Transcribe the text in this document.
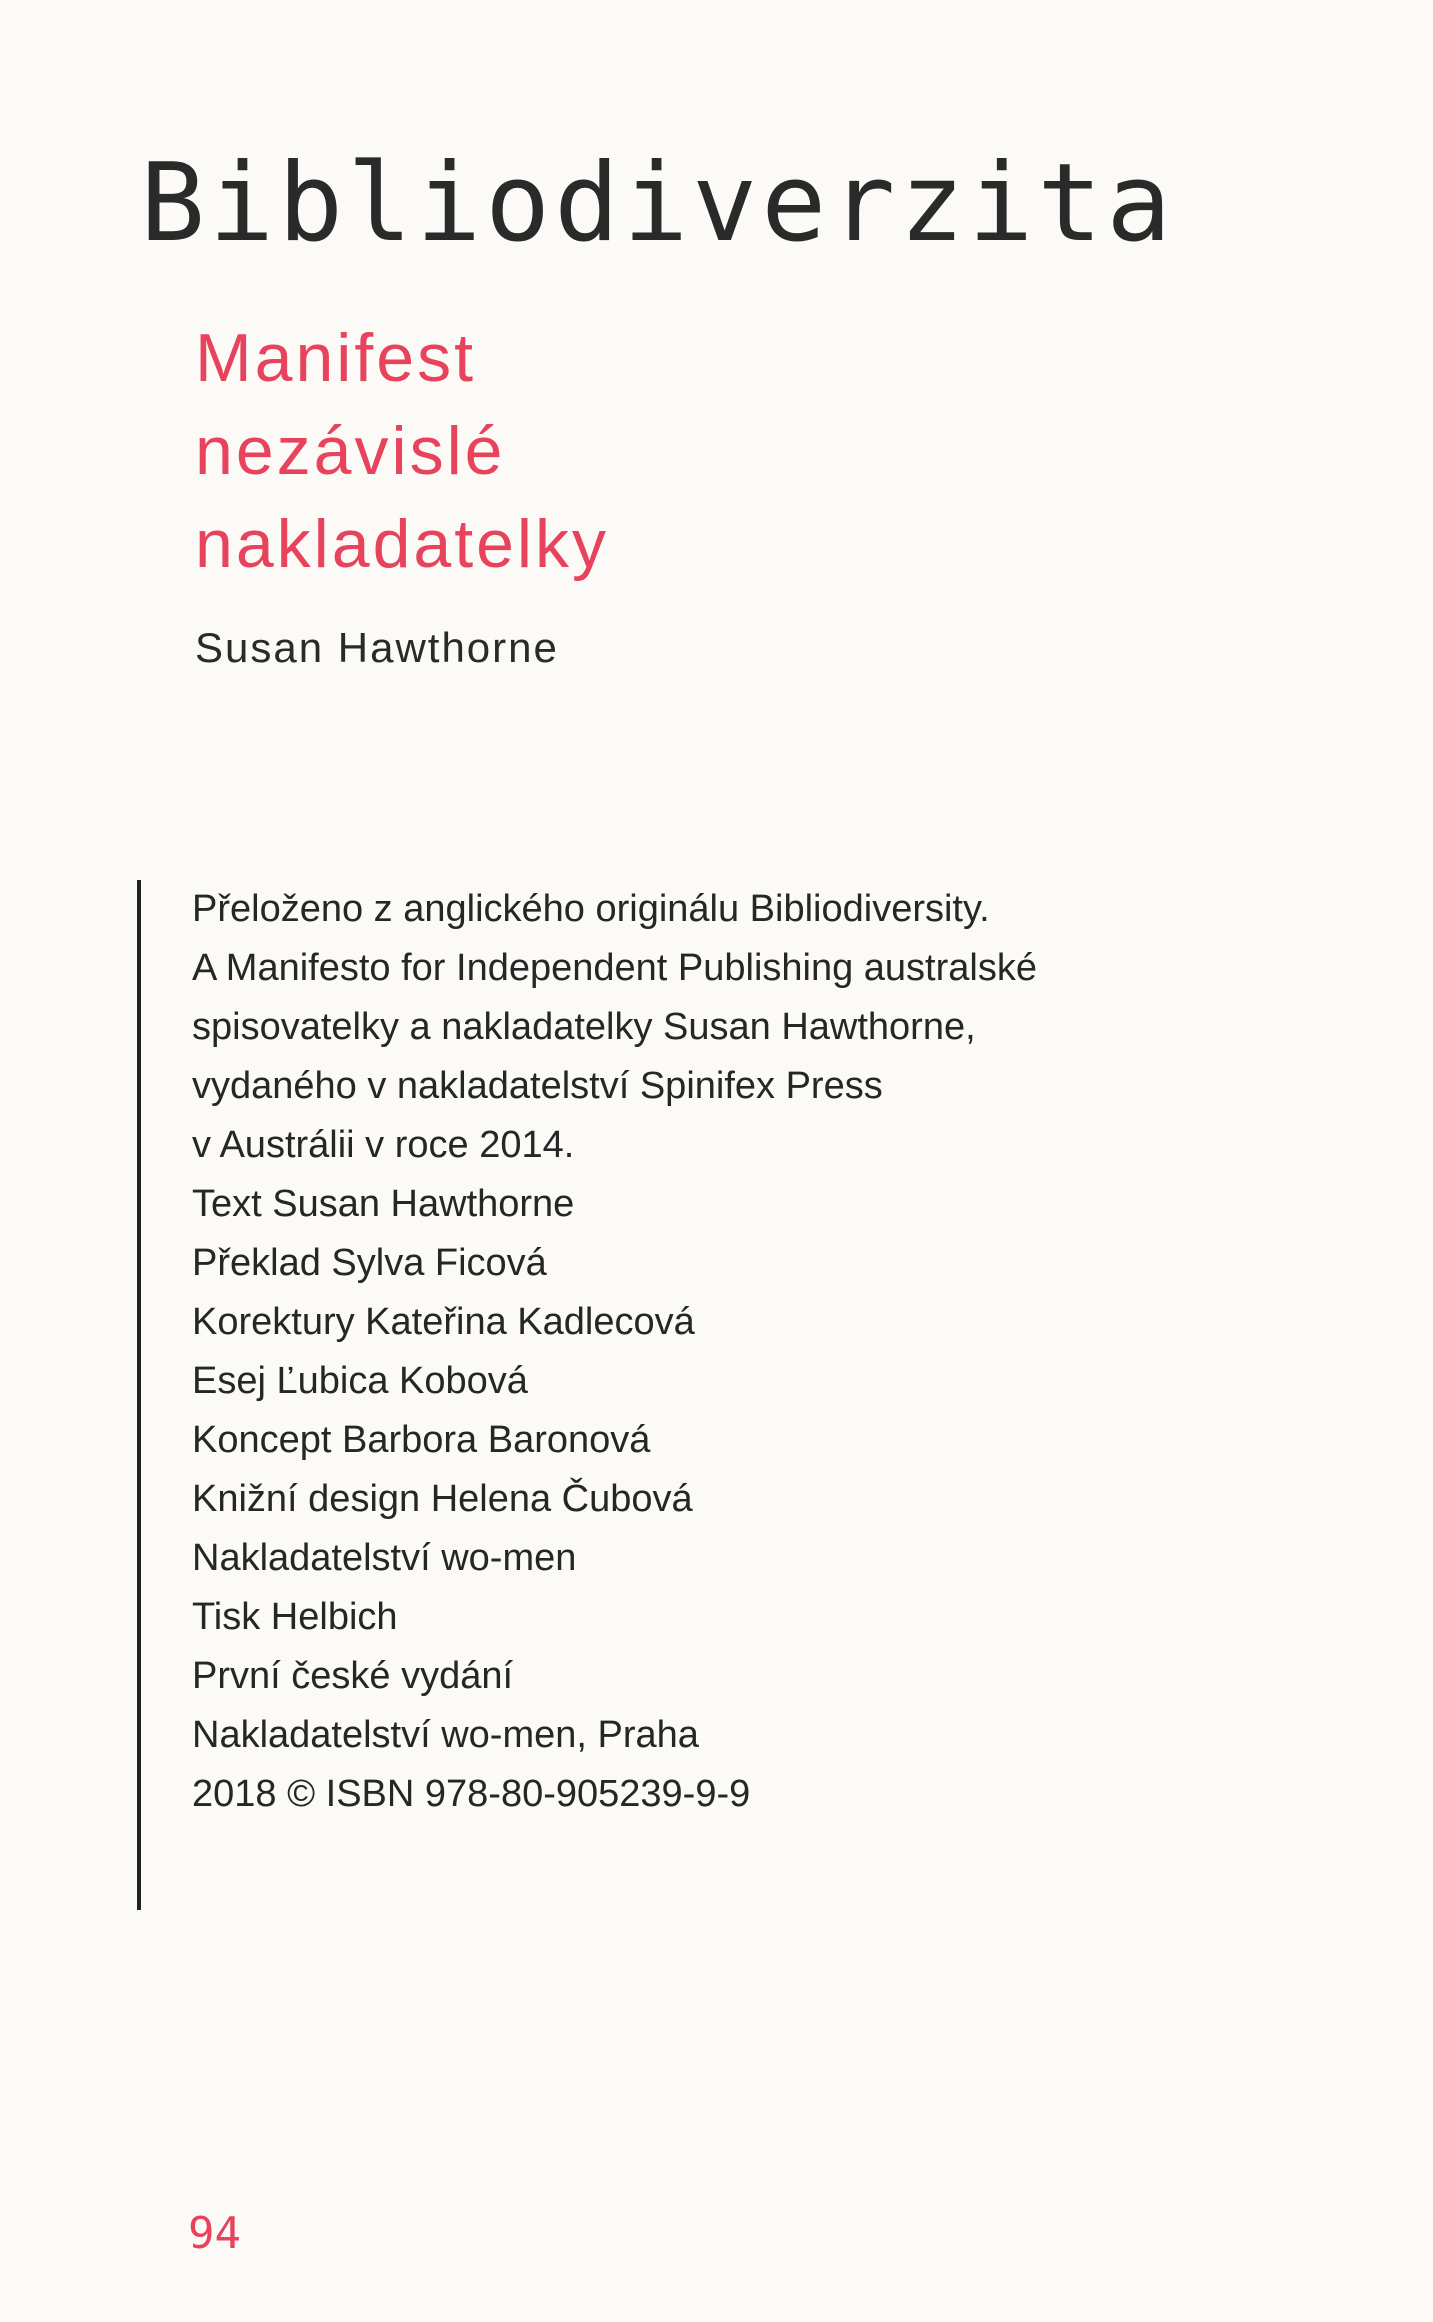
Bibliodiverzita
Manifest
nezávislé
nakladatelky

Susan Hawthorne

Přeloženo z anglického originálu Bibliodiversity.
A Manifesto for Independent Publishing australské
spisovatelky a nakladatelky Susan Hawthorne,
vydaného v nakladatelství Spinifex Press
v Austrálii v roce 2014.

Text Susan Hawthorne
Překlad Sylva Ficová
Korektury Kateřina Kadlecová
Esej Ľubica Kobová
Koncept Barbora Baronová
Knižní design Helena Čubová
Nakladatelství wo-men

Tisk Helbich

První české vydání
Nakladatelství wo-men, Praha

2018 © ISBN 978-80-905239-9-9

94
